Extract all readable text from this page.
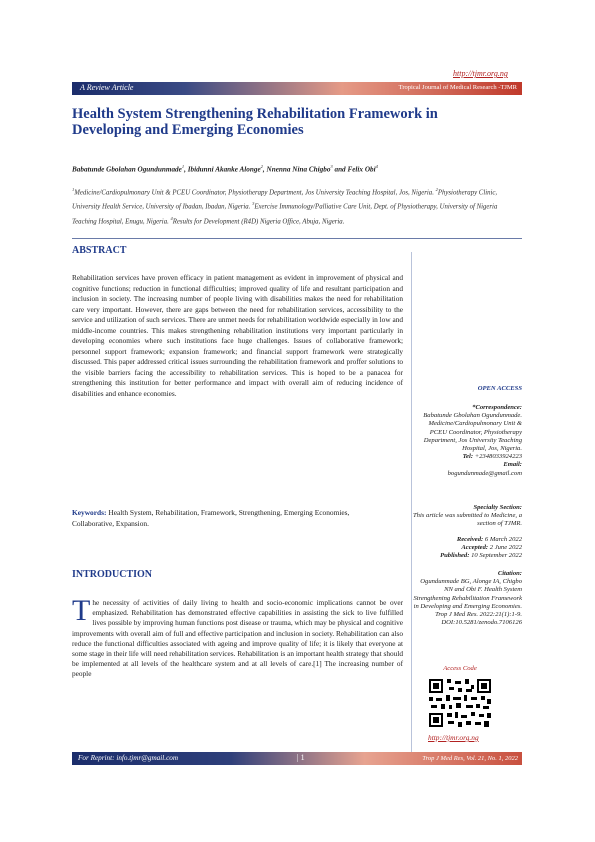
http://tjmr.org.ng
A Review Article	Tropical Journal of Medical Research -TJMR
Health System Strengthening Rehabilitation Framework in Developing and Emerging Economies
Babatunde Gbolahan Ogundunmade$^1$, Ibidunni Akanke Alonge$^2$, Nnenna Nina Chigbo$^3$ and Felix Obi$^4$
$^1$Medicine/Cardiopulmonary Unit & PCEU Coordinator, Physiotherapy Department, Jos University Teaching Hospital, Jos, Nigeria. $^2$Physiotherapy Clinic, University Health Service, University of Ibadan, Ibadan, Nigeria. $^3$Exercise Immunology/Palliative Care Unit, Dept. of Physiotherapy, University of Nigeria Teaching Hospital, Enugu, Nigeria. $^4$Results for Development (R4D) Nigeria Office, Abuja, Nigeria.
ABSTRACT
Rehabilitation services have proven efficacy in patient management as evident in improvement of physical and cognitive functions; reduction in functional difficulties; improved quality of life and resultant participation and inclusion in society. The increasing number of people living with disabilities makes the need for rehabilitation care very important. However, there are gaps between the need for rehabilitation services, accessibility to the service and utilization of such services. There are unmet needs for rehabilitation worldwide especially in low and middle-income countries. This makes strengthening rehabilitation institutions very important particularly in developing economies where such institutions face huge challenges. Issues of collaborative framework; personnel support framework; expansion framework; and financial support framework were strategically discussed. This paper addressed critical issues surrounding the rehabilitation framework and proffer solutions to the visible barriers facing the accessibility to rehabilitation services. This is hoped to be a panacea for strengthening this institution for better performance and impact with overall aim of reducing incidence of disabilities and enhance economies.
Keywords: Health System, Rehabilitation, Framework, Strengthening, Emerging Economies, Collaborative, Expansion.
INTRODUCTION
The necessity of activities of daily living to health and socio-economic implications cannot be over emphasized. Rehabilitation has demonstrated effective capabilities in assisting the sick to live fulfilled lives possible by improving human functions post disease or trauma, which may be physical and cognitive improvements with overall aim of full and effective participation and inclusion in society. Rehabilitation can also reduce the functional difficulties associated with ageing and improve quality of life; it is likely that everyone at some stage in their life will need rehabilitation services. Rehabilitation is an important health strategy that should be implemented at all levels of the healthcare system and at all levels of care.[1] The increasing number of people
OPEN ACCESS
*Correspondence:
Babatunde Gbolahan Ogundunmade. Medicine/Cardiopulmonary Unit & PCEU Coordinator, Physiotherapy Department, Jos University Teaching Hospital, Jos, Nigeria.
Tel: +2348033924223
Email:
bogundunmade@gmail.com
Specialty Section:
This article was submitted to Medicine, a section of TJMR.
Received: 6 March 2022
Accepted: 2 June 2022
Published: 10 September 2022
Citation:
Ogundunmade BG, Alonge IA, Chigbo NN and Obi F. Health System Strengthening Rehabilitation Framework in Developing and Emerging Economies.
Trop J Med Res. 2022:21(1):1-9.
DOI:10.5281/zenodo.7106126
Access Code
http://tjmr.org.ng
For Reprint: info.tjmr@gmail.com	| 1	Trop J Med Res, Vol. 21, No. 1, 2022
